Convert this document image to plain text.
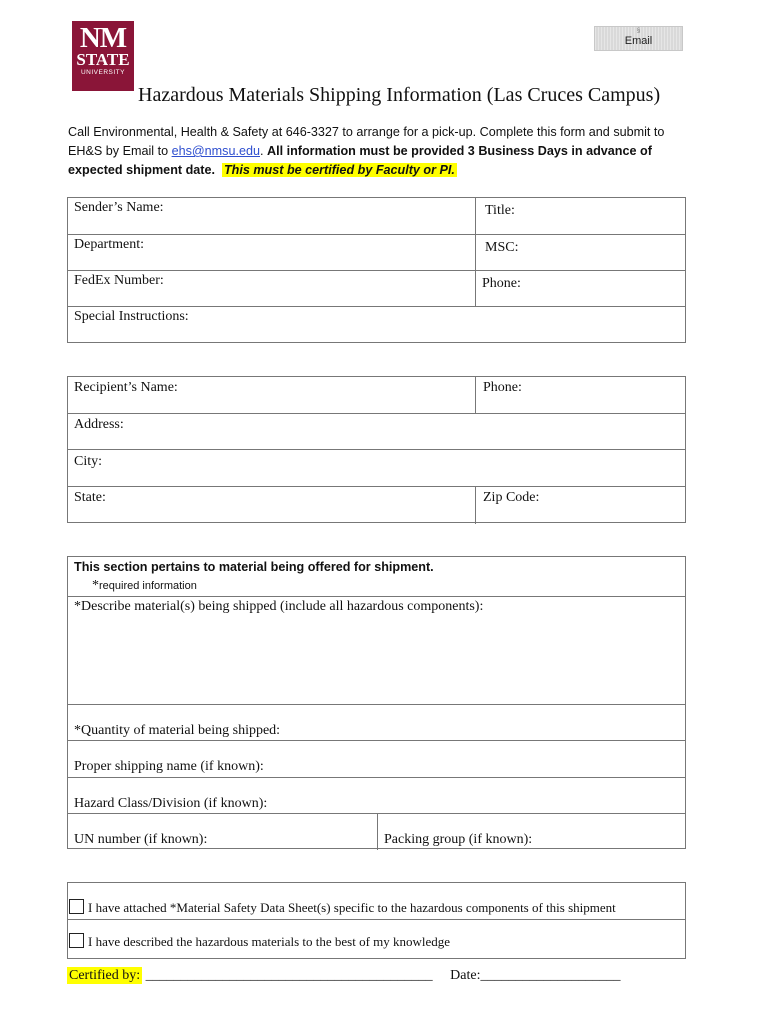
NM
STATE
UNIVERSITY
§
Email
Hazardous Materials Shipping Information (Las Cruces Campus)
Call Environmental, Health & Safety at 646-3327 to arrange for a pick-up. Complete this form and submit to EH&S by Email to ehs@nmsu.edu. All information must be provided 3 Business Days in advance of expected shipment date. This must be certified by Faculty or PI.
Sender’s Name:	Title:
Department:	MSC:
FedEx Number:	Phone:
Special Instructions:
Recipient’s Name:	Phone:
Address:
City:
State:	Zip Code:
This section pertains to material being offered for shipment.
*required information
*Describe material(s) being shipped (include all hazardous components):
*Quantity of material being shipped:
Proper shipping name (if known):
Hazard Class/Division (if known):
UN number (if known):	Packing group (if known):
I have attached *Material Safety Data Sheet(s) specific to the hazardous components of this shipment
I have described the hazardous materials to the best of my knowledge
Certified by: _________________________________________ Date:____________________
